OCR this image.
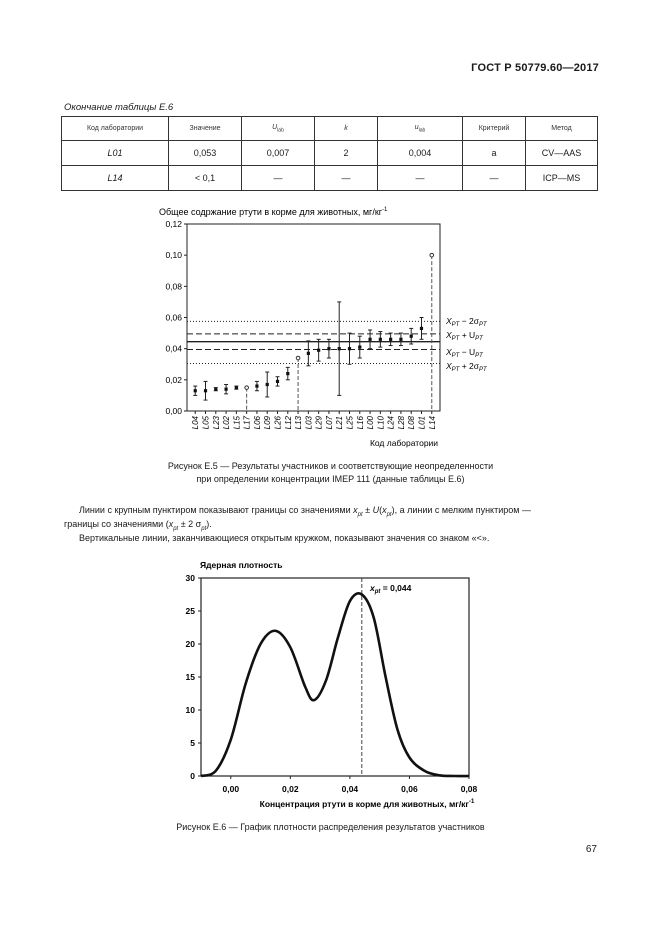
ГОСТ Р 50779.60—2017
Окончание таблицы Е.6
Код лаборатории	Значение	$U_{lab}$	k	$u_{lab}$	Критерий	Метод
L01	0,053	0,007	2	0,004	a	CV—AAS
L14	< 0,1	—	—	—	—	ICP—MS
Общее содржание ртути в корме для животных, $мг/кг^{-1}$
0,00
0,02
0,04
0,06
0,08
0,10
0,12
L04 L05 L23 L02 L15 L17 L06 L09 L26 L12 L13 L03 L29 L07 L21 L25 L16 L00 L10 L24 L28 L08 L01 L14
Код лаборатории
$X_{PT} - 2\sigma_{PT}$
$X_{PT} + U_{PT}$
$X_{PT} - U_{PT}$
$X_{PT} + 2\sigma_{PT}$
Рисунок Е.5 — Результаты участников и соответствующие неопределенности
при определении концентрации IMEP 111 (данные таблицы Е.6)
Линии с крупным пунктиром показывают границы со значениями $x_{pt} \pm U(x_{pt})$, а линии с мелким пунктиром —
границы со значениями ($x_{pt} \pm 2$ $\sigma_{pt}$).
Вертикальные линии, заканчивающиеся открытым кружком, показывают значения со знаком «<».
Ядерная плотность
0
5
10
15
20
25
30
0,00	0,02	0,04	0,06	0,08
$x_{pt} = 0,044$
Концентрация ртути в корме для животных, $мг/кг^{-1}$
Рисунок Е.6 — График плотности распределения результатов участников
67
